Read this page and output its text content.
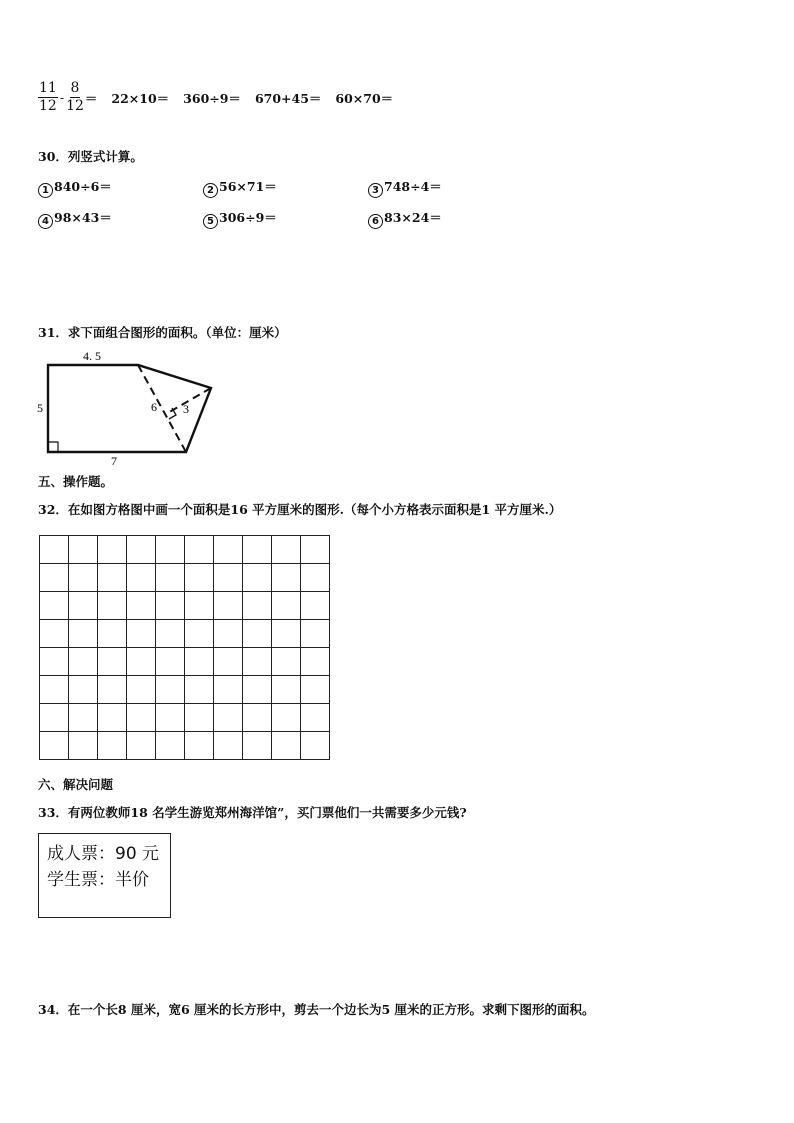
$\frac{11}{12} - \frac{8}{12} = 22\times 10= 360\div 9= 670+45= 60\times 70=$
30．列竖式计算。
1 840÷6＝	2 56×71＝	3 748÷4＝
4 98×43＝	5 306÷9＝	6 83×24＝
31．求下面组合图形的面积。（单位：厘米）
4. 5
5
7
6 3
五、操作题。
32．在如图方格图中画一个面积是16 平方厘米的图形.（每个小方格表示面积是1 平方厘米.）

六、解决问题
33．有两位教师18 名学生游览郑州海洋馆”，买门票他们一共需要多少元钱?
成人票：90 元
学生票：半价
34．在一个长8 厘米，宽6 厘米的长方形中，剪去一个边长为5 厘米的正方形。求剩下图形的面积。
